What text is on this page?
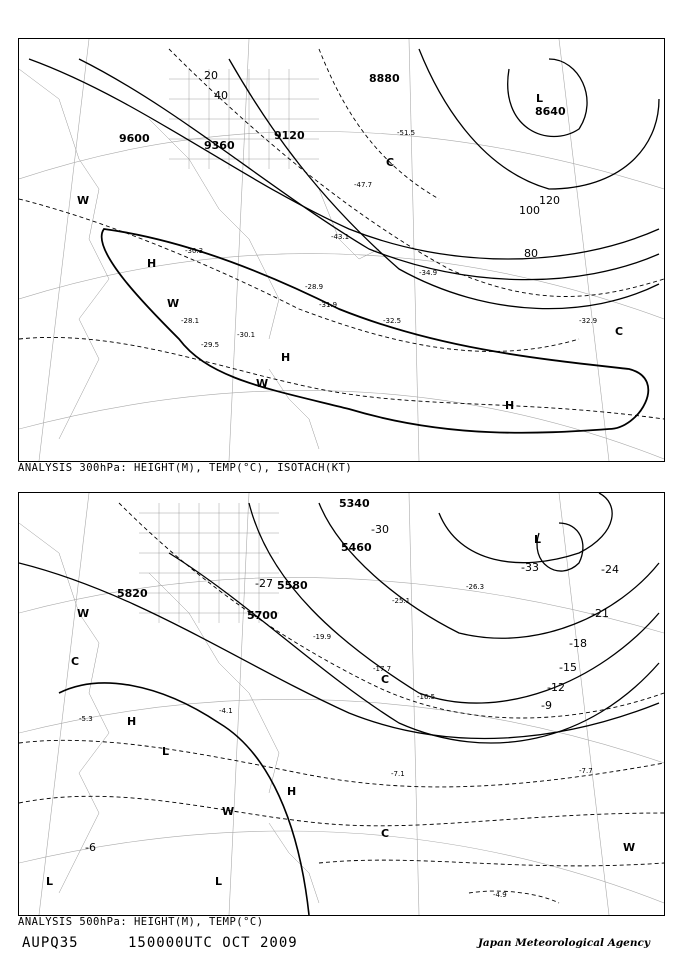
9600
9360
9120
8880
8640
20
40
80
100
120
H
H
H
L
W
W
W
C
C
-32.5
-30.1
-28.1
-29.5
-28.9
-30.3
-31.9
-34.9
-43.1
-47.7
-51.5
-32.9
ANALYSIS 300hPa: HEIGHT(M), TEMP(°C), ISOTACH(KT)
5820
5700
5580
5460
5340
-30
-33
-27
-24
-21
-18
-15
-12
-9
-6
H
H
L
L
L	L
W
W
W
C
C
C
-5.3
-4.1
-7.1	-7.7
-4.9
-19.9
-17.7
-16.5
-26.3
-25.1
ANALYSIS 500hPa: HEIGHT(M), TEMP(°C)
AUPQ35	150000UTC OCT 2009	Japan Meteorological Agency
